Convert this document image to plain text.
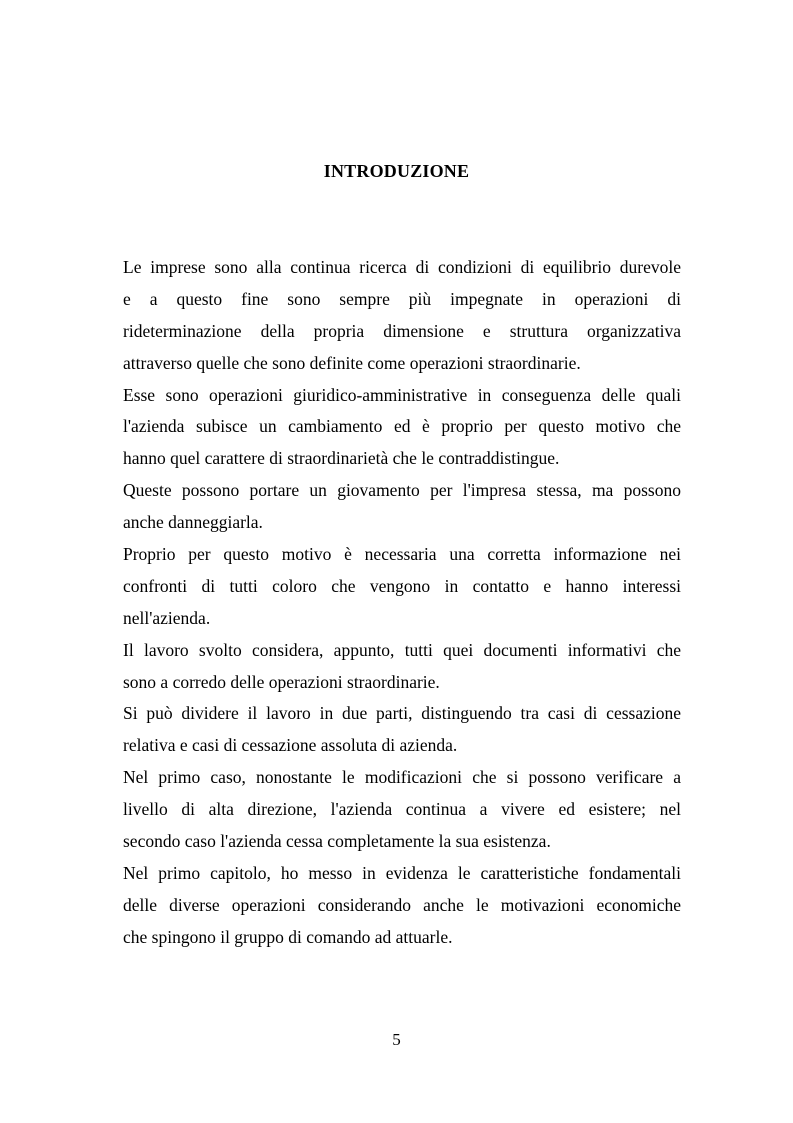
INTRODUZIONE
Le imprese sono alla continua ricerca di condizioni di equilibrio durevole
e a questo fine sono sempre più impegnate in operazioni di
rideterminazione della propria dimensione e struttura organizzativa
attraverso quelle che sono definite come operazioni straordinarie.
Esse sono operazioni giuridico-amministrative in conseguenza delle quali
l'azienda subisce un cambiamento ed è proprio per questo motivo che
hanno quel carattere di straordinarietà che le contraddistingue.
Queste possono portare un giovamento per l'impresa stessa, ma possono
anche danneggiarla.
Proprio per questo motivo è necessaria una corretta informazione nei
confronti di tutti coloro che vengono in contatto e hanno interessi
nell'azienda.
Il lavoro svolto considera, appunto, tutti quei documenti informativi che
sono a corredo delle operazioni straordinarie.
Si può dividere il lavoro in due parti, distinguendo tra casi di cessazione
relativa e casi di cessazione assoluta di azienda.
Nel primo caso, nonostante le modificazioni che si possono verificare a
livello di alta direzione, l'azienda continua a vivere ed esistere; nel
secondo caso l'azienda cessa completamente la sua esistenza.
Nel primo capitolo, ho messo in evidenza le caratteristiche fondamentali
delle diverse operazioni considerando anche le motivazioni economiche
che spingono il gruppo di comando ad attuarle.
5
